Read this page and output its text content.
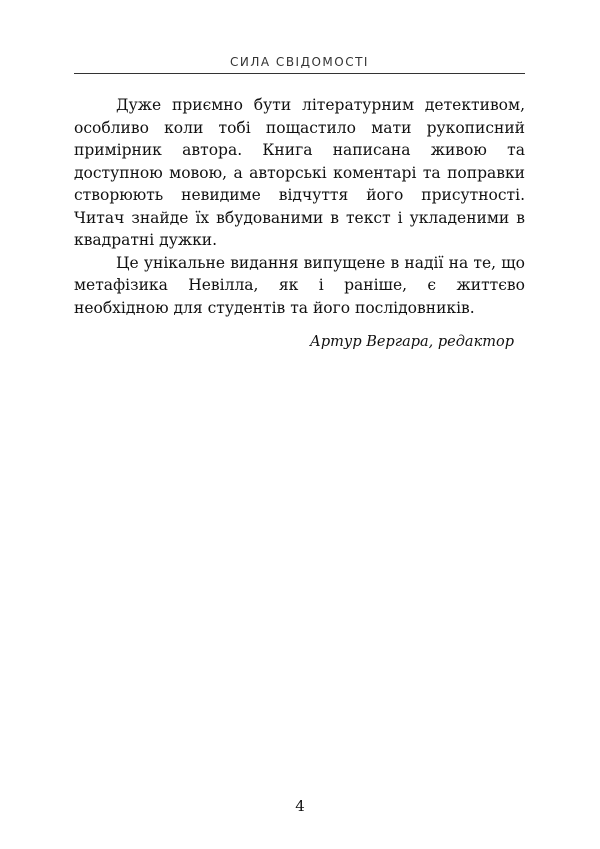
СИЛА СВІДОМОСТІ

Дуже приємно бути літературним детективом, особливо коли тобі пощастило мати рукописний примірник автора. Книга написана живою та доступною мовою, а авторські коментарі та поправки створюють невидиме відчуття його присутності. Читач знайде їх вбудованими в текст і укладеними в квадратні дужки.

Це унікальне видання випущене в надії на те, що метафізика Невілла, як і раніше, є життєво необхідною для студентів та його послідовників.

Артур Вергара, редактор
4
